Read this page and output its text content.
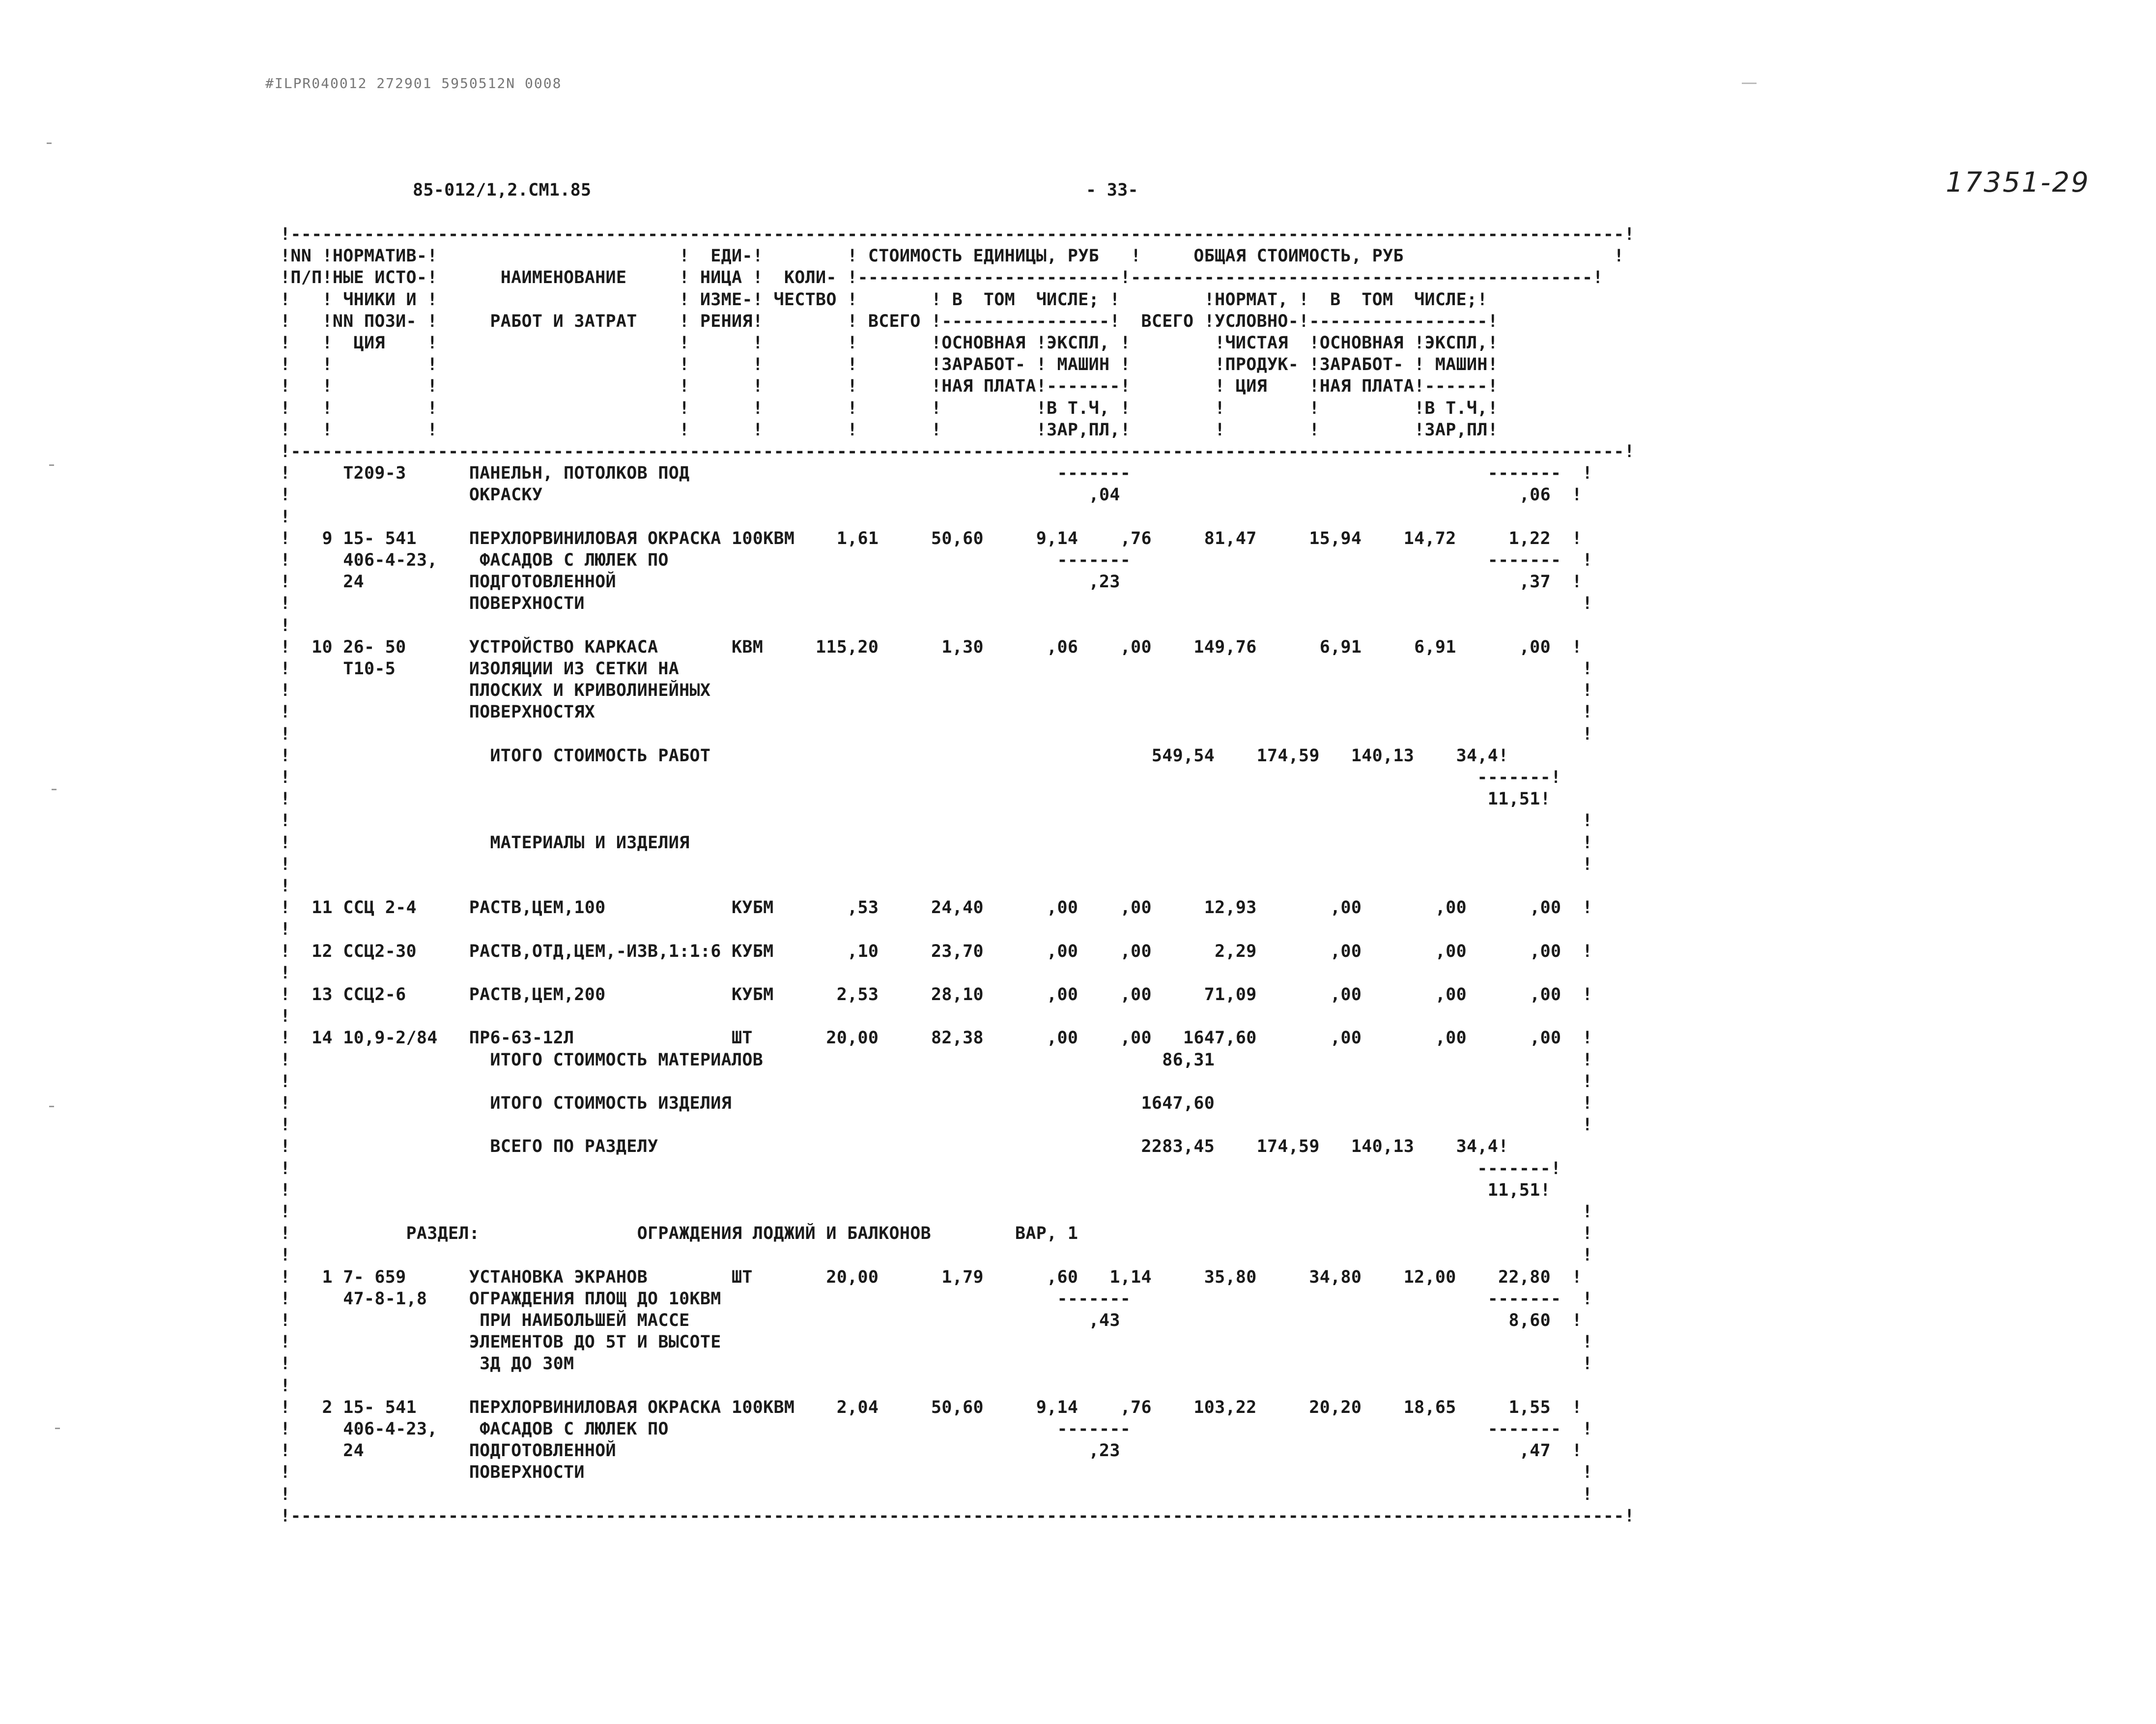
#ILPR040012 272901 5950512N 0008
85-012/1,2.CM1.85	- 33-	17351-29
!-------------------------------------------------------------------------------------------------------------------------------!
!NN !НОРМАТИВ-!                       !  ЕДИ-!        ! СТОИМОСТЬ ЕДИНИЦЫ, РУБ   !     ОБЩАЯ СТОИМОСТЬ, РУБ                    !
!П/П!НЫЕ ИСТО-!      НАИМЕНОВАНИЕ     ! НИЦА !  КОЛИ- !-------------------------!--------------------------------------------!
!   ! ЧНИКИ И !                       ! ИЗМЕ-! ЧЕСТВО !       ! В  ТОМ  ЧИСЛЕ; !        !НОРМАТ, !  В  ТОМ  ЧИСЛЕ;!
!   !NN ПОЗИ- !     РАБОТ И ЗАТРАТ    ! РЕНИЯ!        ! ВСЕГО !----------------!  ВСЕГО !УСЛОВНО-!-----------------!
!   !  ЦИЯ    !                       !      !        !       !ОСНОВНАЯ !ЭКСПЛ, !        !ЧИСТАЯ  !ОСНОВНАЯ !ЭКСПЛ,!
!   !         !                       !      !        !       !ЗАРАБОТ- ! МАШИН !        !ПРОДУК- !ЗАРАБОТ- ! МАШИН!
!   !         !                       !      !        !       !НАЯ ПЛАТА!-------!        ! ЦИЯ    !НАЯ ПЛАТА!------!
!   !         !                       !      !        !       !         !В Т.Ч, !        !        !         !В Т.Ч,!
!   !         !                       !      !        !       !         !ЗАР,ПЛ,!        !        !         !ЗАР,ПЛ!
!-------------------------------------------------------------------------------------------------------------------------------!
!     Т209-3      ПАНЕЛЬН, ПОТОЛКОВ ПОД                                   -------                                  -------  !
!                 ОКРАСКУ                                                    ,04                                      ,06  !
!
!   9 15- 541     ПЕРХЛОРВИНИЛОВАЯ ОКРАСКА 100КВМ    1,61     50,60     9,14    ,76     81,47     15,94    14,72     1,22  !
!     406-4-23,    ФАСАДОВ С ЛЮЛЕК ПО                                     -------                                  -------  !
!     24          ПОДГОТОВЛЕННОЙ                                             ,23                                      ,37  !
!                 ПОВЕРХНОСТИ                                                                                               !
!
!  10 26- 50      УСТРОЙСТВО КАРКАСА       КВМ     115,20      1,30      ,06    ,00    149,76      6,91     6,91      ,00  !
!     Т10-5       ИЗОЛЯЦИИ ИЗ СЕТКИ НА                                                                                      !
!                 ПЛОСКИХ И КРИВОЛИНЕЙНЫХ                                                                                   !
!                 ПОВЕРХНОСТЯХ                                                                                              !
!                                                                                                                           !
!                   ИТОГО СТОИМОСТЬ РАБОТ                                          549,54    174,59   140,13    34,4!
!                                                                                                                 -------!
!                                                                                                                  11,51!
!                                                                                                                           !
!                   МАТЕРИАЛЫ И ИЗДЕЛИЯ                                                                                     !
!                                                                                                                           !
!
!  11 ССЦ 2-4     РАСТВ,ЦЕМ,100            КУБМ       ,53     24,40      ,00    ,00     12,93       ,00       ,00      ,00  !
!
!  12 ССЦ2-30     РАСТВ,ОТД,ЦЕМ,-ИЗВ,1:1:6 КУБМ       ,10     23,70      ,00    ,00      2,29       ,00       ,00      ,00  !
!
!  13 ССЦ2-6      РАСТВ,ЦЕМ,200            КУБМ      2,53     28,10      ,00    ,00     71,09       ,00       ,00      ,00  !
!
!  14 10,9-2/84   ПР6-63-12Л               ШТ       20,00     82,38      ,00    ,00   1647,60       ,00       ,00      ,00  !
!                   ИТОГО СТОИМОСТЬ МАТЕРИАЛОВ                                      86,31                                   !
!                                                                                                                           !
!                   ИТОГО СТОИМОСТЬ ИЗДЕЛИЯ                                       1647,60                                   !
!                                                                                                                           !
!                   ВСЕГО ПО РАЗДЕЛУ                                              2283,45    174,59   140,13    34,4!
!                                                                                                                 -------!
!                                                                                                                  11,51!
!                                                                                                                           !
!           РАЗДЕЛ:               ОГРАЖДЕНИЯ ЛОДЖИЙ И БАЛКОНОВ        ВАР, 1                                                !
!                                                                                                                           !
!   1 7- 659      УСТАНОВКА ЭКРАНОВ        ШТ       20,00      1,79      ,60   1,14     35,80     34,80    12,00    22,80  !
!     47-8-1,8    ОГРАЖДЕНИЯ ПЛОЩ ДО 10КВМ                                -------                                  -------  !
!                  ПРИ НАИБОЛЬШЕЙ МАССЕ                                      ,43                                     8,60  !
!                 ЭЛЕМЕНТОВ ДО 5Т И ВЫСОТЕ                                                                                  !
!                  ЗД ДО 30М                                                                                                !
!
!   2 15- 541     ПЕРХЛОРВИНИЛОВАЯ ОКРАСКА 100КВМ    2,04     50,60     9,14    ,76    103,22     20,20    18,65     1,55  !
!     406-4-23,    ФАСАДОВ С ЛЮЛЕК ПО                                     -------                                  -------  !
!     24          ПОДГОТОВЛЕННОЙ                                             ,23                                      ,47  !
!                 ПОВЕРХНОСТИ                                                                                               !
!                                                                                                                           !
!-------------------------------------------------------------------------------------------------------------------------------!
